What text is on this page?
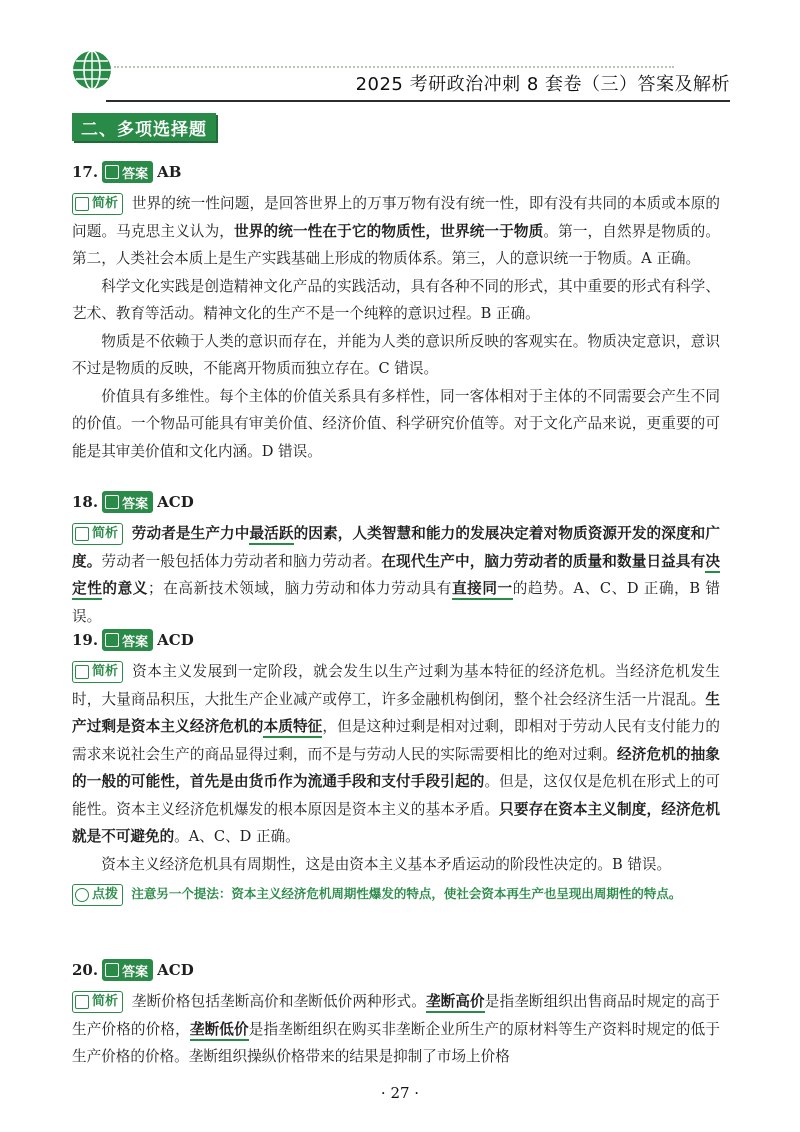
2025 考研政治冲刺 8 套卷（三）答案及解析
二、多项选择题
17. 答案 AB

简析 世界的统一性问题，是回答世界上的万事万物有没有统一性，即有没有共同的本质或本原的问题。马克思主义认为，世界的统一性在于它的物质性，世界统一于物质。第一，自然界是物质的。第二，人类社会本质上是生产实践基础上形成的物质体系。第三，人的意识统一于物质。A 正确。

科学文化实践是创造精神文化产品的实践活动，具有各种不同的形式，其中重要的形式有科学、艺术、教育等活动。精神文化的生产不是一个纯粹的意识过程。B 正确。

物质是不依赖于人类的意识而存在，并能为人类的意识所反映的客观实在。物质决定意识，意识不过是物质的反映，不能离开物质而独立存在。C 错误。

价值具有多维性。每个主体的价值关系具有多样性，同一客体相对于主体的不同需要会产生不同的价值。一个物品可能具有审美价值、经济价值、科学研究价值等。对于文化产品来说，更重要的可能是其审美价值和文化内涵。D 错误。

18. 答案 ACD

简析 劳动者是生产力中最活跃的因素，人类智慧和能力的发展决定着对物质资源开发的深度和广度。劳动者一般包括体力劳动者和脑力劳动者。在现代生产中，脑力劳动者的质量和数量日益具有决定性的意义；在高新技术领域，脑力劳动和体力劳动具有直接同一的趋势。A、C、D 正确，B 错误。

19. 答案 ACD

简析 资本主义发展到一定阶段，就会发生以生产过剩为基本特征的经济危机。当经济危机发生时，大量商品积压，大批生产企业减产或停工，许多金融机构倒闭，整个社会经济生活一片混乱。生产过剩是资本主义经济危机的本质特征，但是这种过剩是相对过剩，即相对于劳动人民有支付能力的需求来说社会生产的商品显得过剩，而不是与劳动人民的实际需要相比的绝对过剩。经济危机的抽象的一般的可能性，首先是由货币作为流通手段和支付手段引起的。但是，这仅仅是危机在形式上的可能性。资本主义经济危机爆发的根本原因是资本主义的基本矛盾。只要存在资本主义制度，经济危机就是不可避免的。A、C、D 正确。

资本主义经济危机具有周期性，这是由资本主义基本矛盾运动的阶段性决定的。B 错误。

点拨 注意另一个提法：资本主义经济危机周期性爆发的特点，使社会资本再生产也呈现出周期性的特点。
20. 答案 ACD

简析 垄断价格包括垄断高价和垄断低价两种形式。垄断高价是指垄断组织出售商品时规定的高于生产价格的价格，垄断低价是指垄断组织在购买非垄断企业所生产的原材料等生产资料时规定的低于生产价格的价格。垄断组织操纵价格带来的结果是抑制了市场上价格

· 27 ·
